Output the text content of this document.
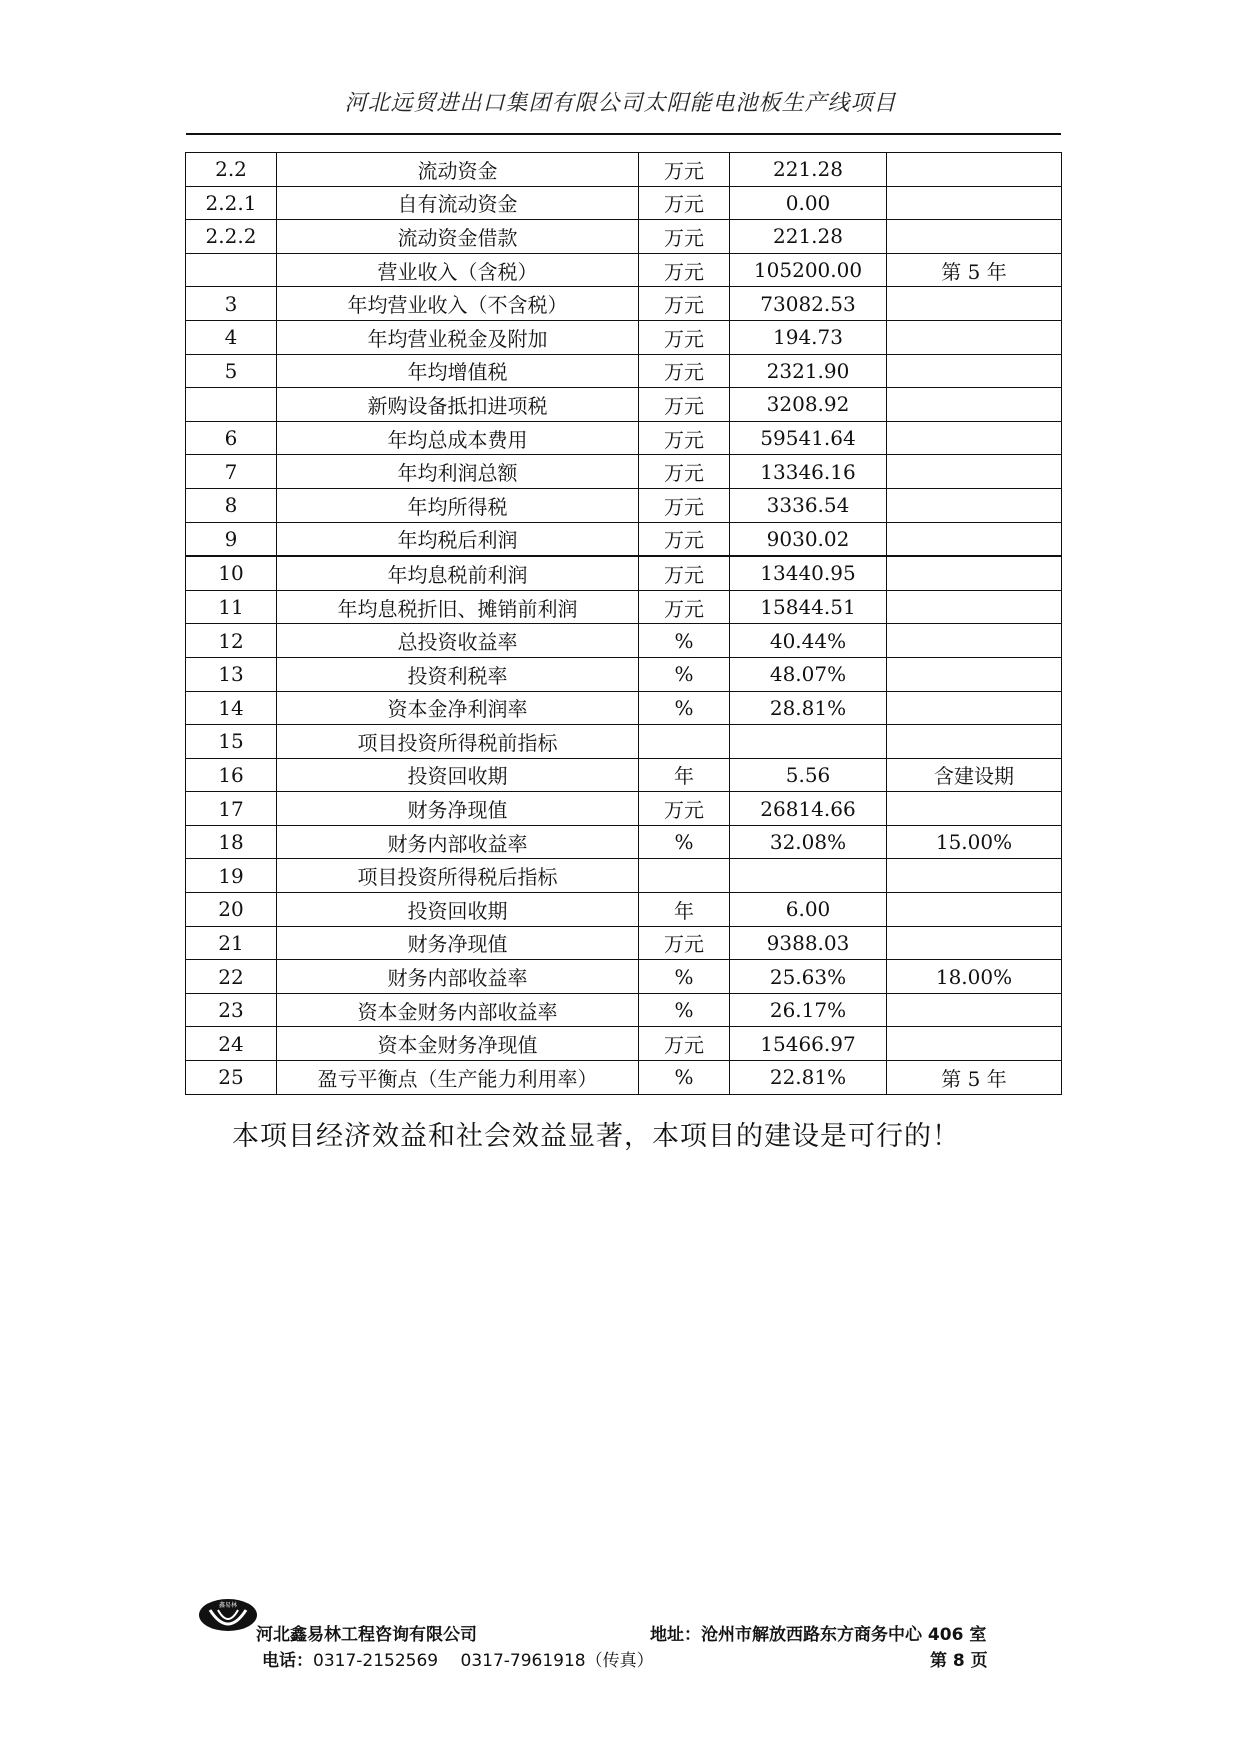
河北远贸进出口集团有限公司太阳能电池板生产线项目
2.2	流动资金	万元	221.28	
2.2.1	自有流动资金	万元	0.00	
2.2.2	流动资金借款	万元	221.28	
	营业收入（含税）	万元	105200.00	第 5 年
3	年均营业收入（不含税）	万元	73082.53	
4	年均营业税金及附加	万元	194.73	
5	年均增值税	万元	2321.90	
	新购设备抵扣进项税	万元	3208.92	
6	年均总成本费用	万元	59541.64	
7	年均利润总额	万元	13346.16	
8	年均所得税	万元	3336.54	
9	年均税后利润	万元	9030.02	
10	年均息税前利润	万元	13440.95	
11	年均息税折旧、摊销前利润	万元	15844.51	
12	总投资收益率	%	40.44%	
13	投资利税率	%	48.07%	
14	资本金净利润率	%	28.81%	
15	项目投资所得税前指标			
16	投资回收期	年	5.56	含建设期
17	财务净现值	万元	26814.66	
18	财务内部收益率	%	32.08%	15.00%
19	项目投资所得税后指标			
20	投资回收期	年	6.00	
21	财务净现值	万元	9388.03	
22	财务内部收益率	%	25.63%	18.00%
23	资本金财务内部收益率	%	26.17%	
24	资本金财务净现值	万元	15466.97	
25	盈亏平衡点（生产能力利用率）	%	22.81%	第 5 年
本项目经济效益和社会效益显著，本项目的建设是可行的！
鑫易林
河北鑫易林工程咨询有限公司	地址：沧州市解放西路东方商务中心 406 室
电话：0317-2152569　 0317-7961918（传真）	第 8 页
